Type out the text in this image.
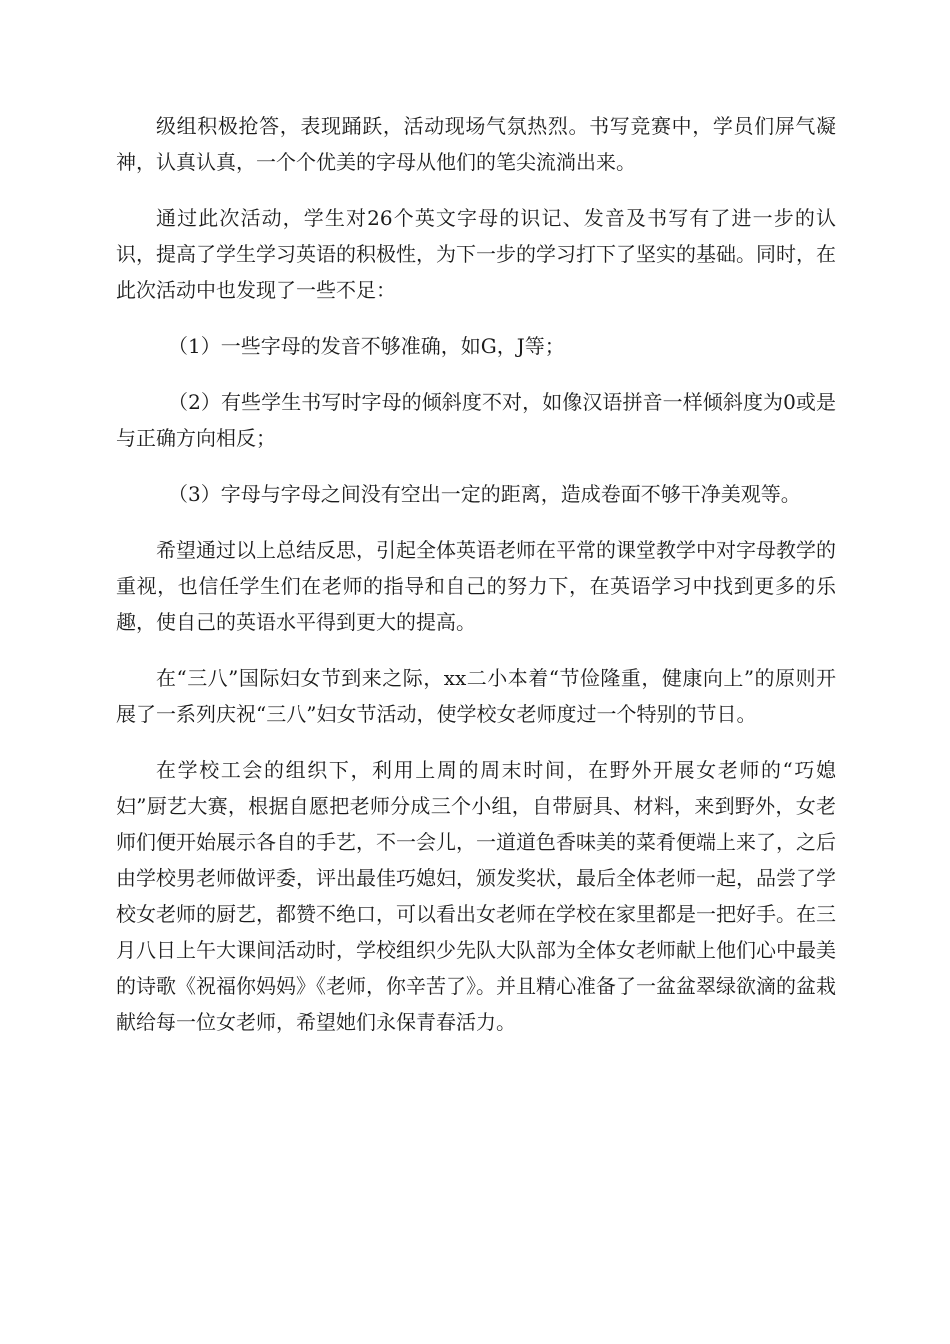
级组积极抢答，表现踊跃，活动现场气氛热烈。书写竞赛中，学员们屏气凝神，认真认真，一个个优美的字母从他们的笔尖流淌出来。

通过此次活动，学生对26个英文字母的识记、发音及书写有了进一步的认识，提高了学生学习英语的积极性，为下一步的学习打下了坚实的基础。同时，在此次活动中也发现了一些不足：

（1）一些字母的发音不够准确，如G，J等；

（2）有些学生书写时字母的倾斜度不对，如像汉语拼音一样倾斜度为0或是与正确方向相反；

（3）字母与字母之间没有空出一定的距离，造成卷面不够干净美观等。

希望通过以上总结反思，引起全体英语老师在平常的课堂教学中对字母教学的重视，也信任学生们在老师的指导和自己的努力下，在英语学习中找到更多的乐趣，使自己的英语水平得到更大的提高。

在“三八”国际妇女节到来之际，xx二小本着“节俭隆重，健康向上”的原则开展了一系列庆祝“三八”妇女节活动，使学校女老师度过一个特别的节日。

在学校工会的组织下，利用上周的周末时间，在野外开展女老师的“巧媳妇”厨艺大赛，根据自愿把老师分成三个小组，自带厨具、材料，来到野外，女老师们便开始展示各自的手艺，不一会儿，一道道色香味美的菜肴便端上来了，之后由学校男老师做评委，评出最佳巧媳妇，颁发奖状，最后全体老师一起，品尝了学校女老师的厨艺，都赞不绝口，可以看出女老师在学校在家里都是一把好手。在三月八日上午大课间活动时，学校组织少先队大队部为全体女老师献上他们心中最美的诗歌《祝福你妈妈》《老师，你辛苦了》。并且精心准备了一盆盆翠绿欲滴的盆栽献给每一位女老师，希望她们永保青春活力。
